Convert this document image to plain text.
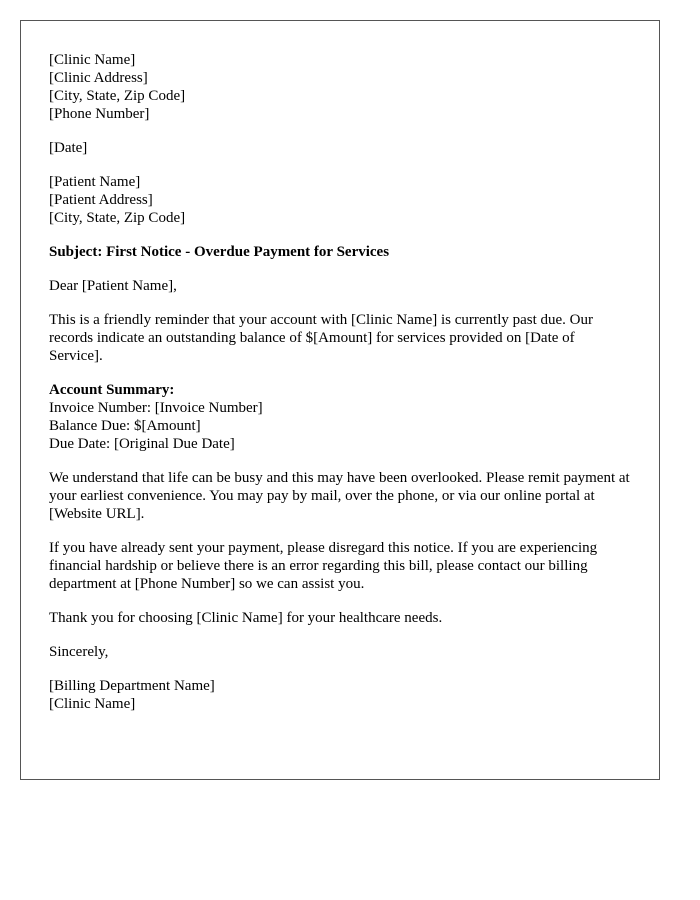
[Clinic Name]
[Clinic Address]
[City, State, Zip Code]
[Phone Number]
[Date]
[Patient Name]
[Patient Address]
[City, State, Zip Code]

Subject: First Notice - Overdue Payment for Services

Dear [Patient Name],

This is a friendly reminder that your account with [Clinic Name] is currently past due. Our records indicate an outstanding balance of $[Amount] for services provided on [Date of Service].

Account Summary:
Invoice Number: [Invoice Number]
Balance Due: $[Amount]
Due Date: [Original Due Date]

We understand that life can be busy and this may have been overlooked. Please remit payment at your earliest convenience. You may pay by mail, over the phone, or via our online portal at [Website URL].

If you have already sent your payment, please disregard this notice. If you are experiencing financial hardship or believe there is an error regarding this bill, please contact our billing department at [Phone Number] so we can assist you.

Thank you for choosing [Clinic Name] for your healthcare needs.

Sincerely,

[Billing Department Name]
[Clinic Name]
